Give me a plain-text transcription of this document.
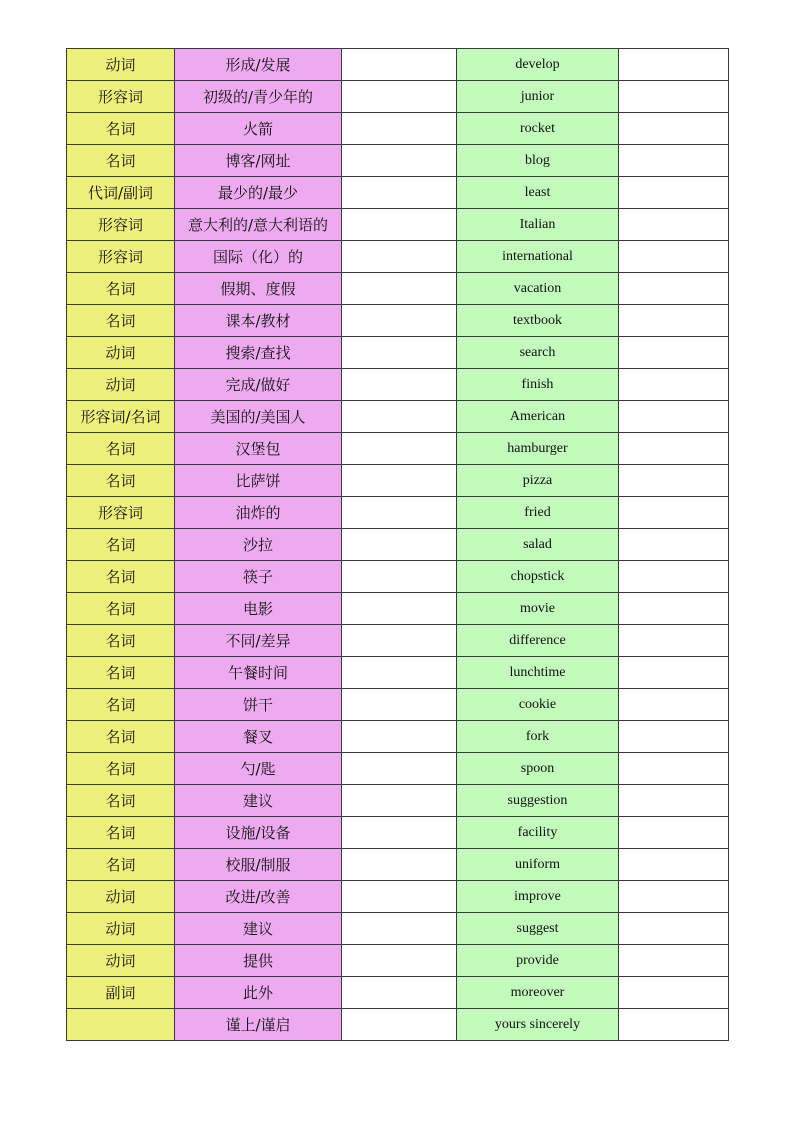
动词	形成/发展		develop	
形容词	初级的/青少年的		junior	
名词	火箭		rocket	
名词	博客/网址		blog	
代词/副词	最少的/最少		least	
形容词	意大利的/意大利语的		Italian	
形容词	国际（化）的		international	
名词	假期、度假		vacation	
名词	课本/教材		textbook	
动词	搜索/查找		search	
动词	完成/做好		finish	
形容词/名词	美国的/美国人		American	
名词	汉堡包		hamburger	
名词	比萨饼		pizza	
形容词	油炸的		fried	
名词	沙拉		salad	
名词	筷子		chopstick	
名词	电影		movie	
名词	不同/差异		difference	
名词	午餐时间		lunchtime	
名词	饼干		cookie	
名词	餐叉		fork	
名词	勺/匙		spoon	
名词	建议		suggestion	
名词	设施/设备		facility	
名词	校服/制服		uniform	
动词	改进/改善		improve	
动词	建议		suggest	
动词	提供		provide	
副词	此外		moreover	
	谨上/谨启		yours sincerely	
